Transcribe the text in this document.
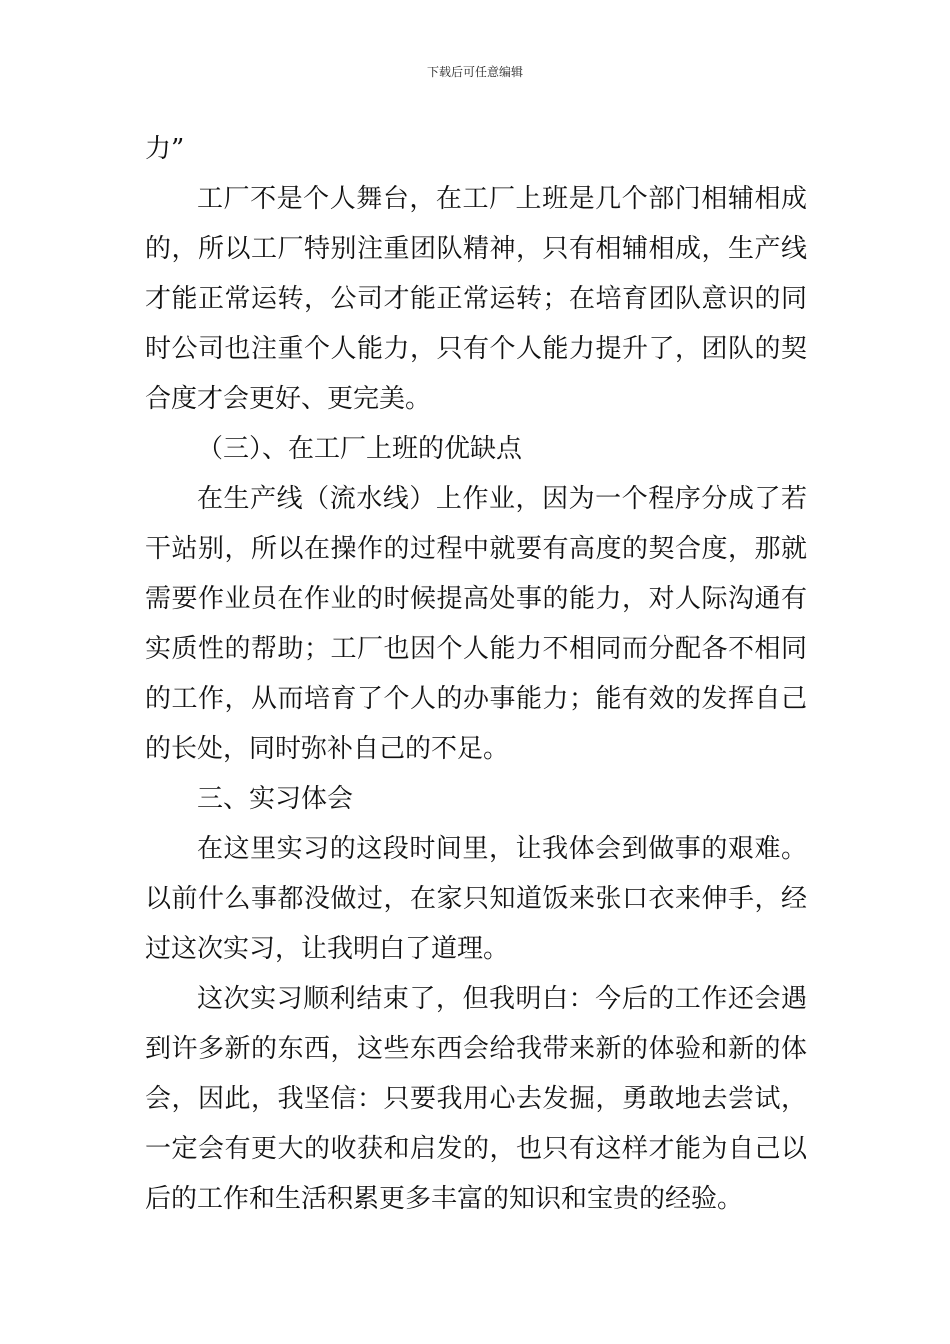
下载后可任意编辑
力”
工厂不是个人舞台，在工厂上班是几个部门相辅相成
的，所以工厂特别注重团队精神，只有相辅相成，生产线
才能正常运转，公司才能正常运转；在培育团队意识的同
时公司也注重个人能力，只有个人能力提升了，团队的契
合度才会更好、更完美。
（三）、在工厂上班的优缺点
在生产线（流水线）上作业，因为一个程序分成了若
干站别，所以在操作的过程中就要有高度的契合度，那就
需要作业员在作业的时候提高处事的能力，对人际沟通有
实质性的帮助；工厂也因个人能力不相同而分配各不相同
的工作，从而培育了个人的办事能力；能有效的发挥自己
的长处，同时弥补自己的不足。
三、实习体会
在这里实习的这段时间里，让我体会到做事的艰难。
以前什么事都没做过，在家只知道饭来张口衣来伸手，经
过这次实习，让我明白了道理。
这次实习顺利结束了，但我明白：今后的工作还会遇
到许多新的东西，这些东西会给我带来新的体验和新的体
会，因此，我坚信：只要我用心去发掘，勇敢地去尝试，
一定会有更大的收获和启发的，也只有这样才能为自己以
后的工作和生活积累更多丰富的知识和宝贵的经验。
